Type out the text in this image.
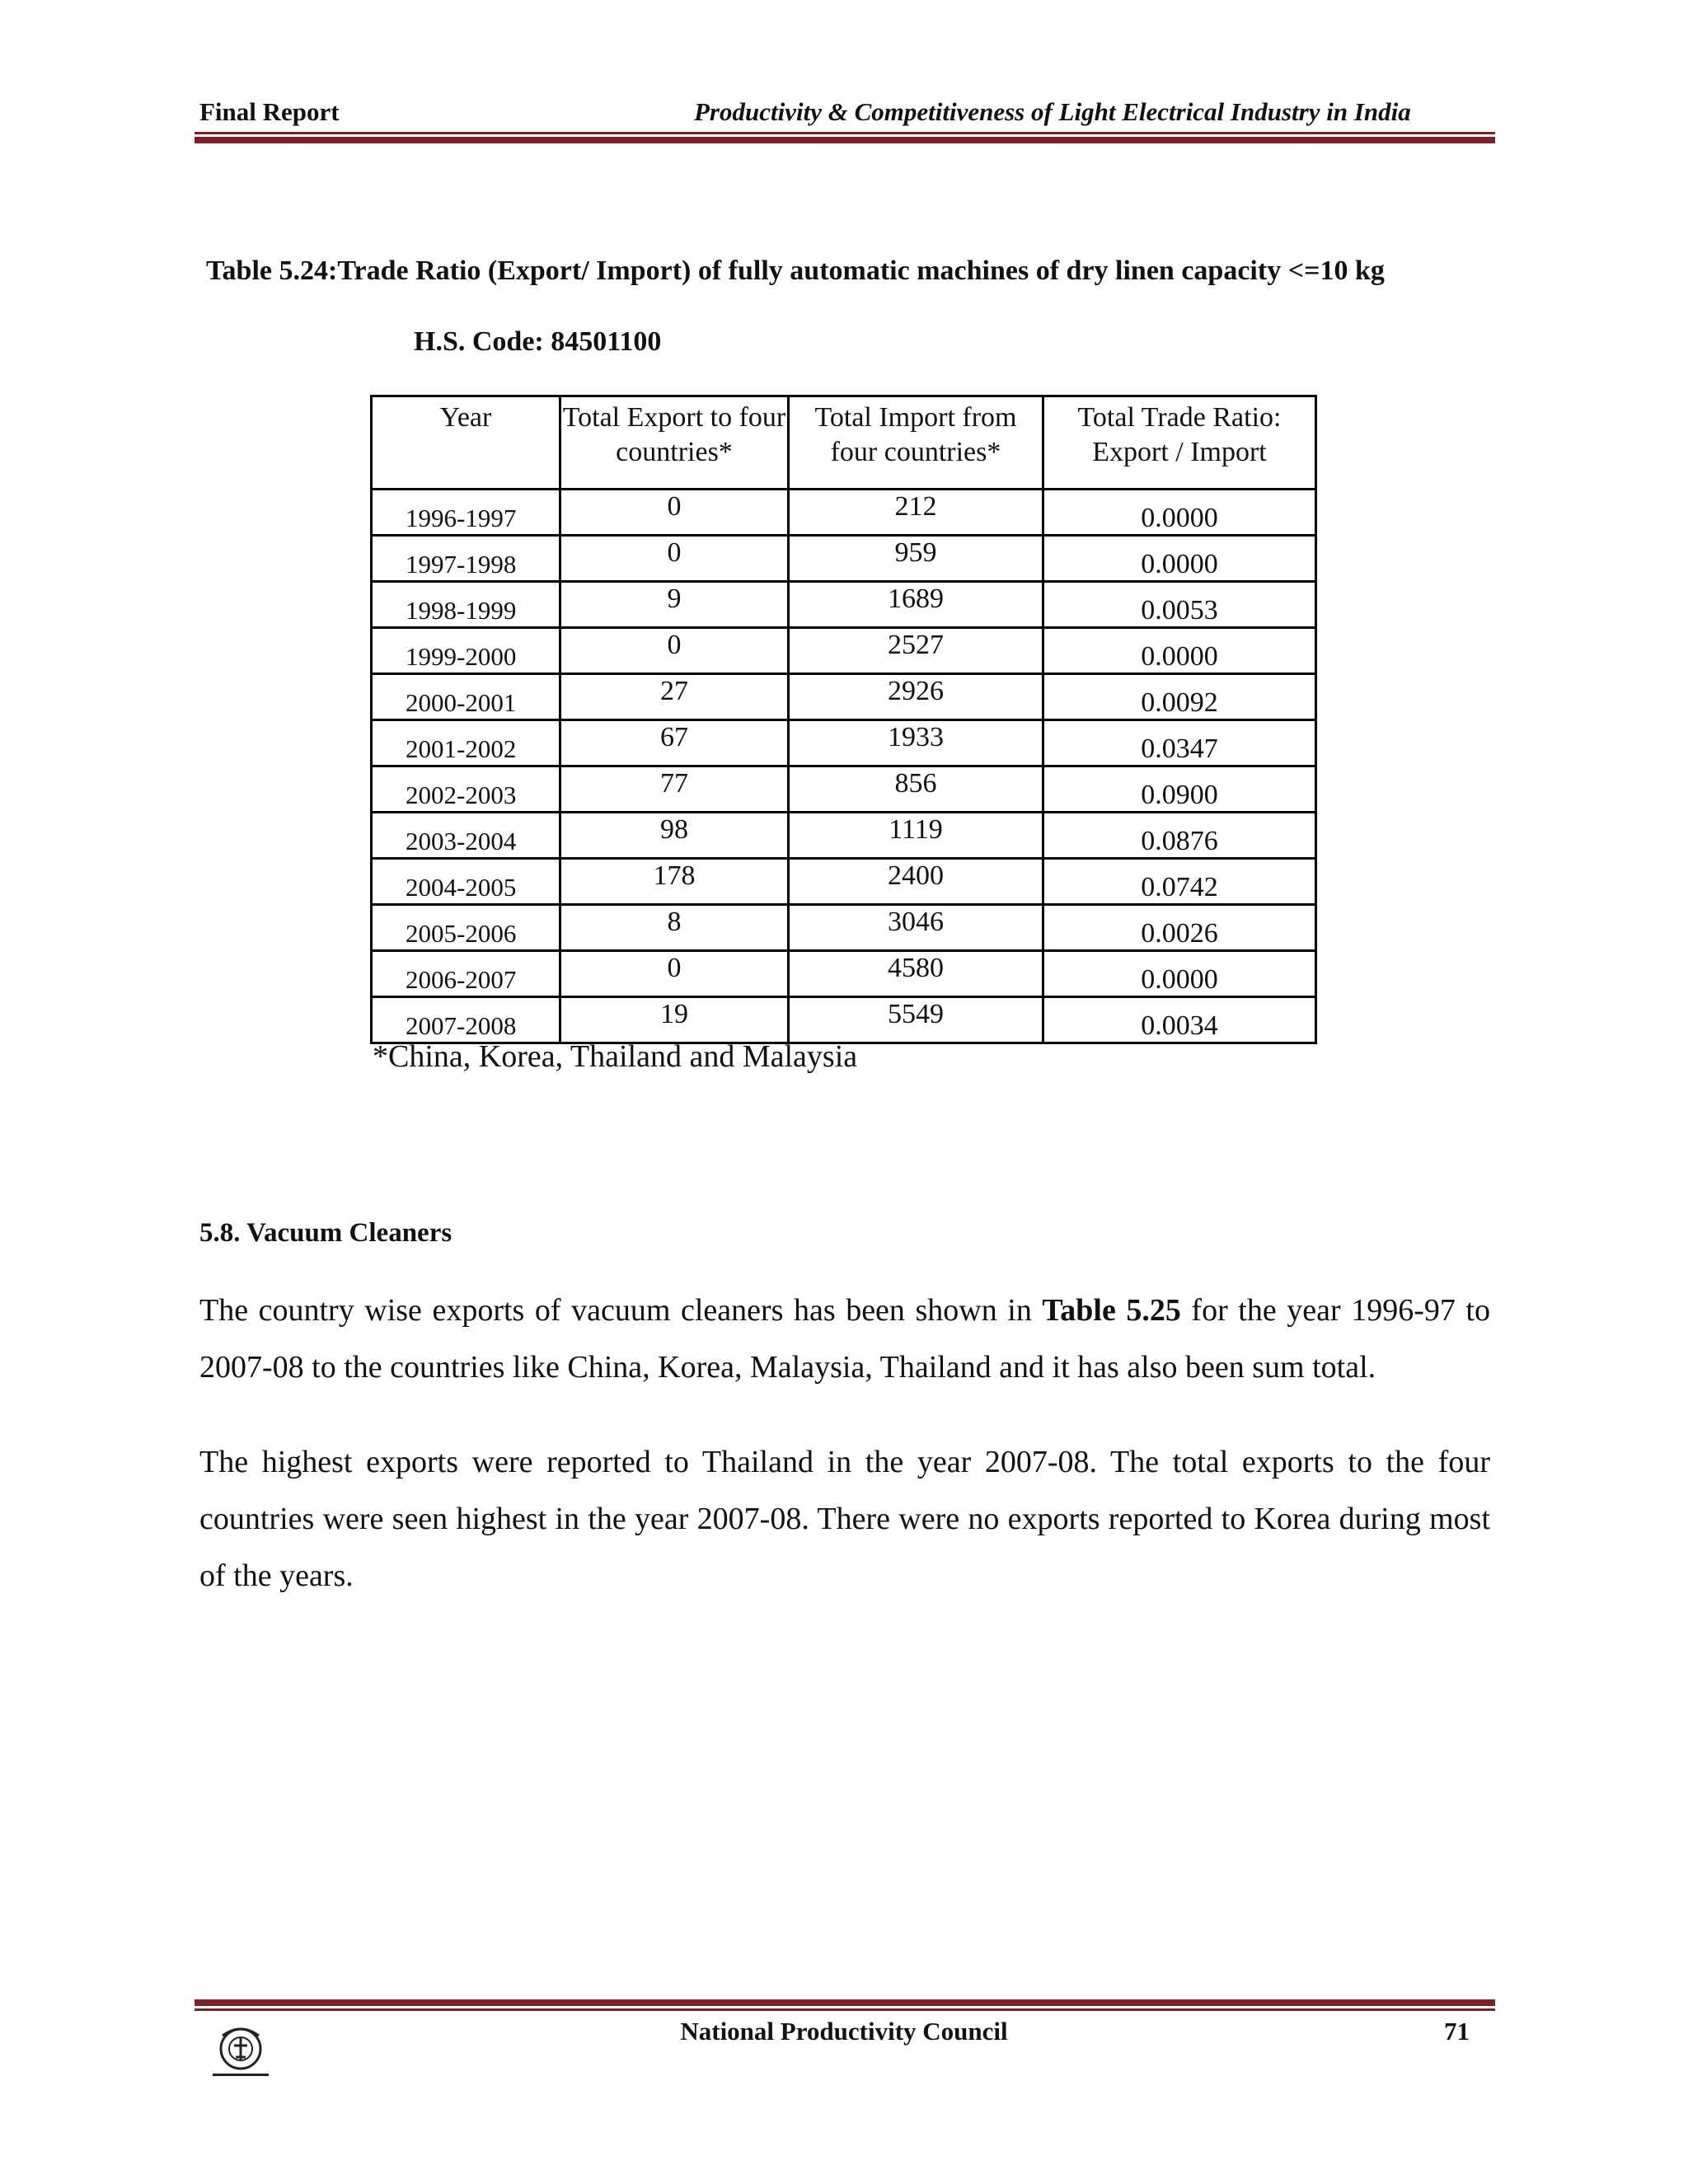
Final Report	Productivity & Competitiveness of Light Electrical Industry in India
Table 5.24:Trade Ratio (Export/ Import) of fully automatic machines of dry linen capacity <=10 kg
H.S. Code: 84501100
Year	Total Export to four countries*	Total Import from four countries*	Total Trade Ratio: Export / Import

1996-1997	0	212	0.0000

1997-1998	0	959	0.0000

1998-1999	9	1689	0.0053

1999-2000	0	2527	0.0000

2000-2001	27	2926	0.0092

2001-2002	67	1933	0.0347

2002-2003	77	856	0.0900

2003-2004	98	1119	0.0876

2004-2005	178	2400	0.0742

2005-2006	8	3046	0.0026

2006-2007	0	4580	0.0000

2007-2008	19	5549	0.0034
*China, Korea, Thailand and Malaysia
5.8. Vacuum Cleaners
The country wise exports of vacuum cleaners has been shown in Table 5.25 for the year 1996-97 to 2007-08 to the countries like China, Korea, Malaysia, Thailand and it has also been sum total.
The highest exports were reported to Thailand in the year 2007-08. The total exports to the four countries were seen highest in the year 2007-08. There were no exports reported to Korea during most of the years.
National Productivity Council	71
